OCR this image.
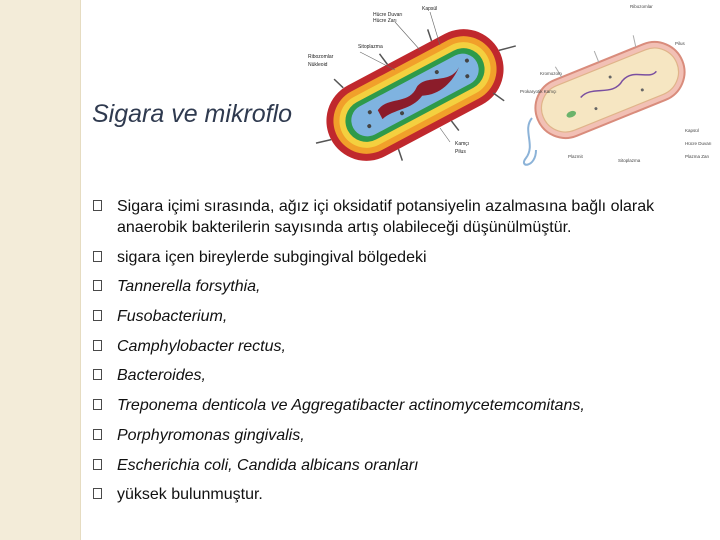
Sigara ve mikroflo
Hücre Duvarı
Hücre Zarı
Kapsül
Sitoplazma
Ribozomlar
Nükleoid
Kamçı
Pilus
Ribozomlar
Pilus
Kromozom
Prokaryotik Kamçı
Kapsül
Hücre Duvarı
Plazmit	Plazma Zarı
Sitoplazma
Sigara içimi sırasında, ağız içi oksidatif potansiyelin azalmasına bağlı olarak anaerobik bakterilerin sayısında artış olabileceği düşünülmüştür.
sigara içen bireylerde subgingival bölgedeki
Tannerella forsythia,
Fusobacterium,
Camphylobacter rectus,
Bacteroides,
Treponema denticola ve Aggregatibacter actinomycetemcomitans,
Porphyromonas gingivalis,
Escherichia coli, Candida albicans oranları
yüksek bulunmuştur.
